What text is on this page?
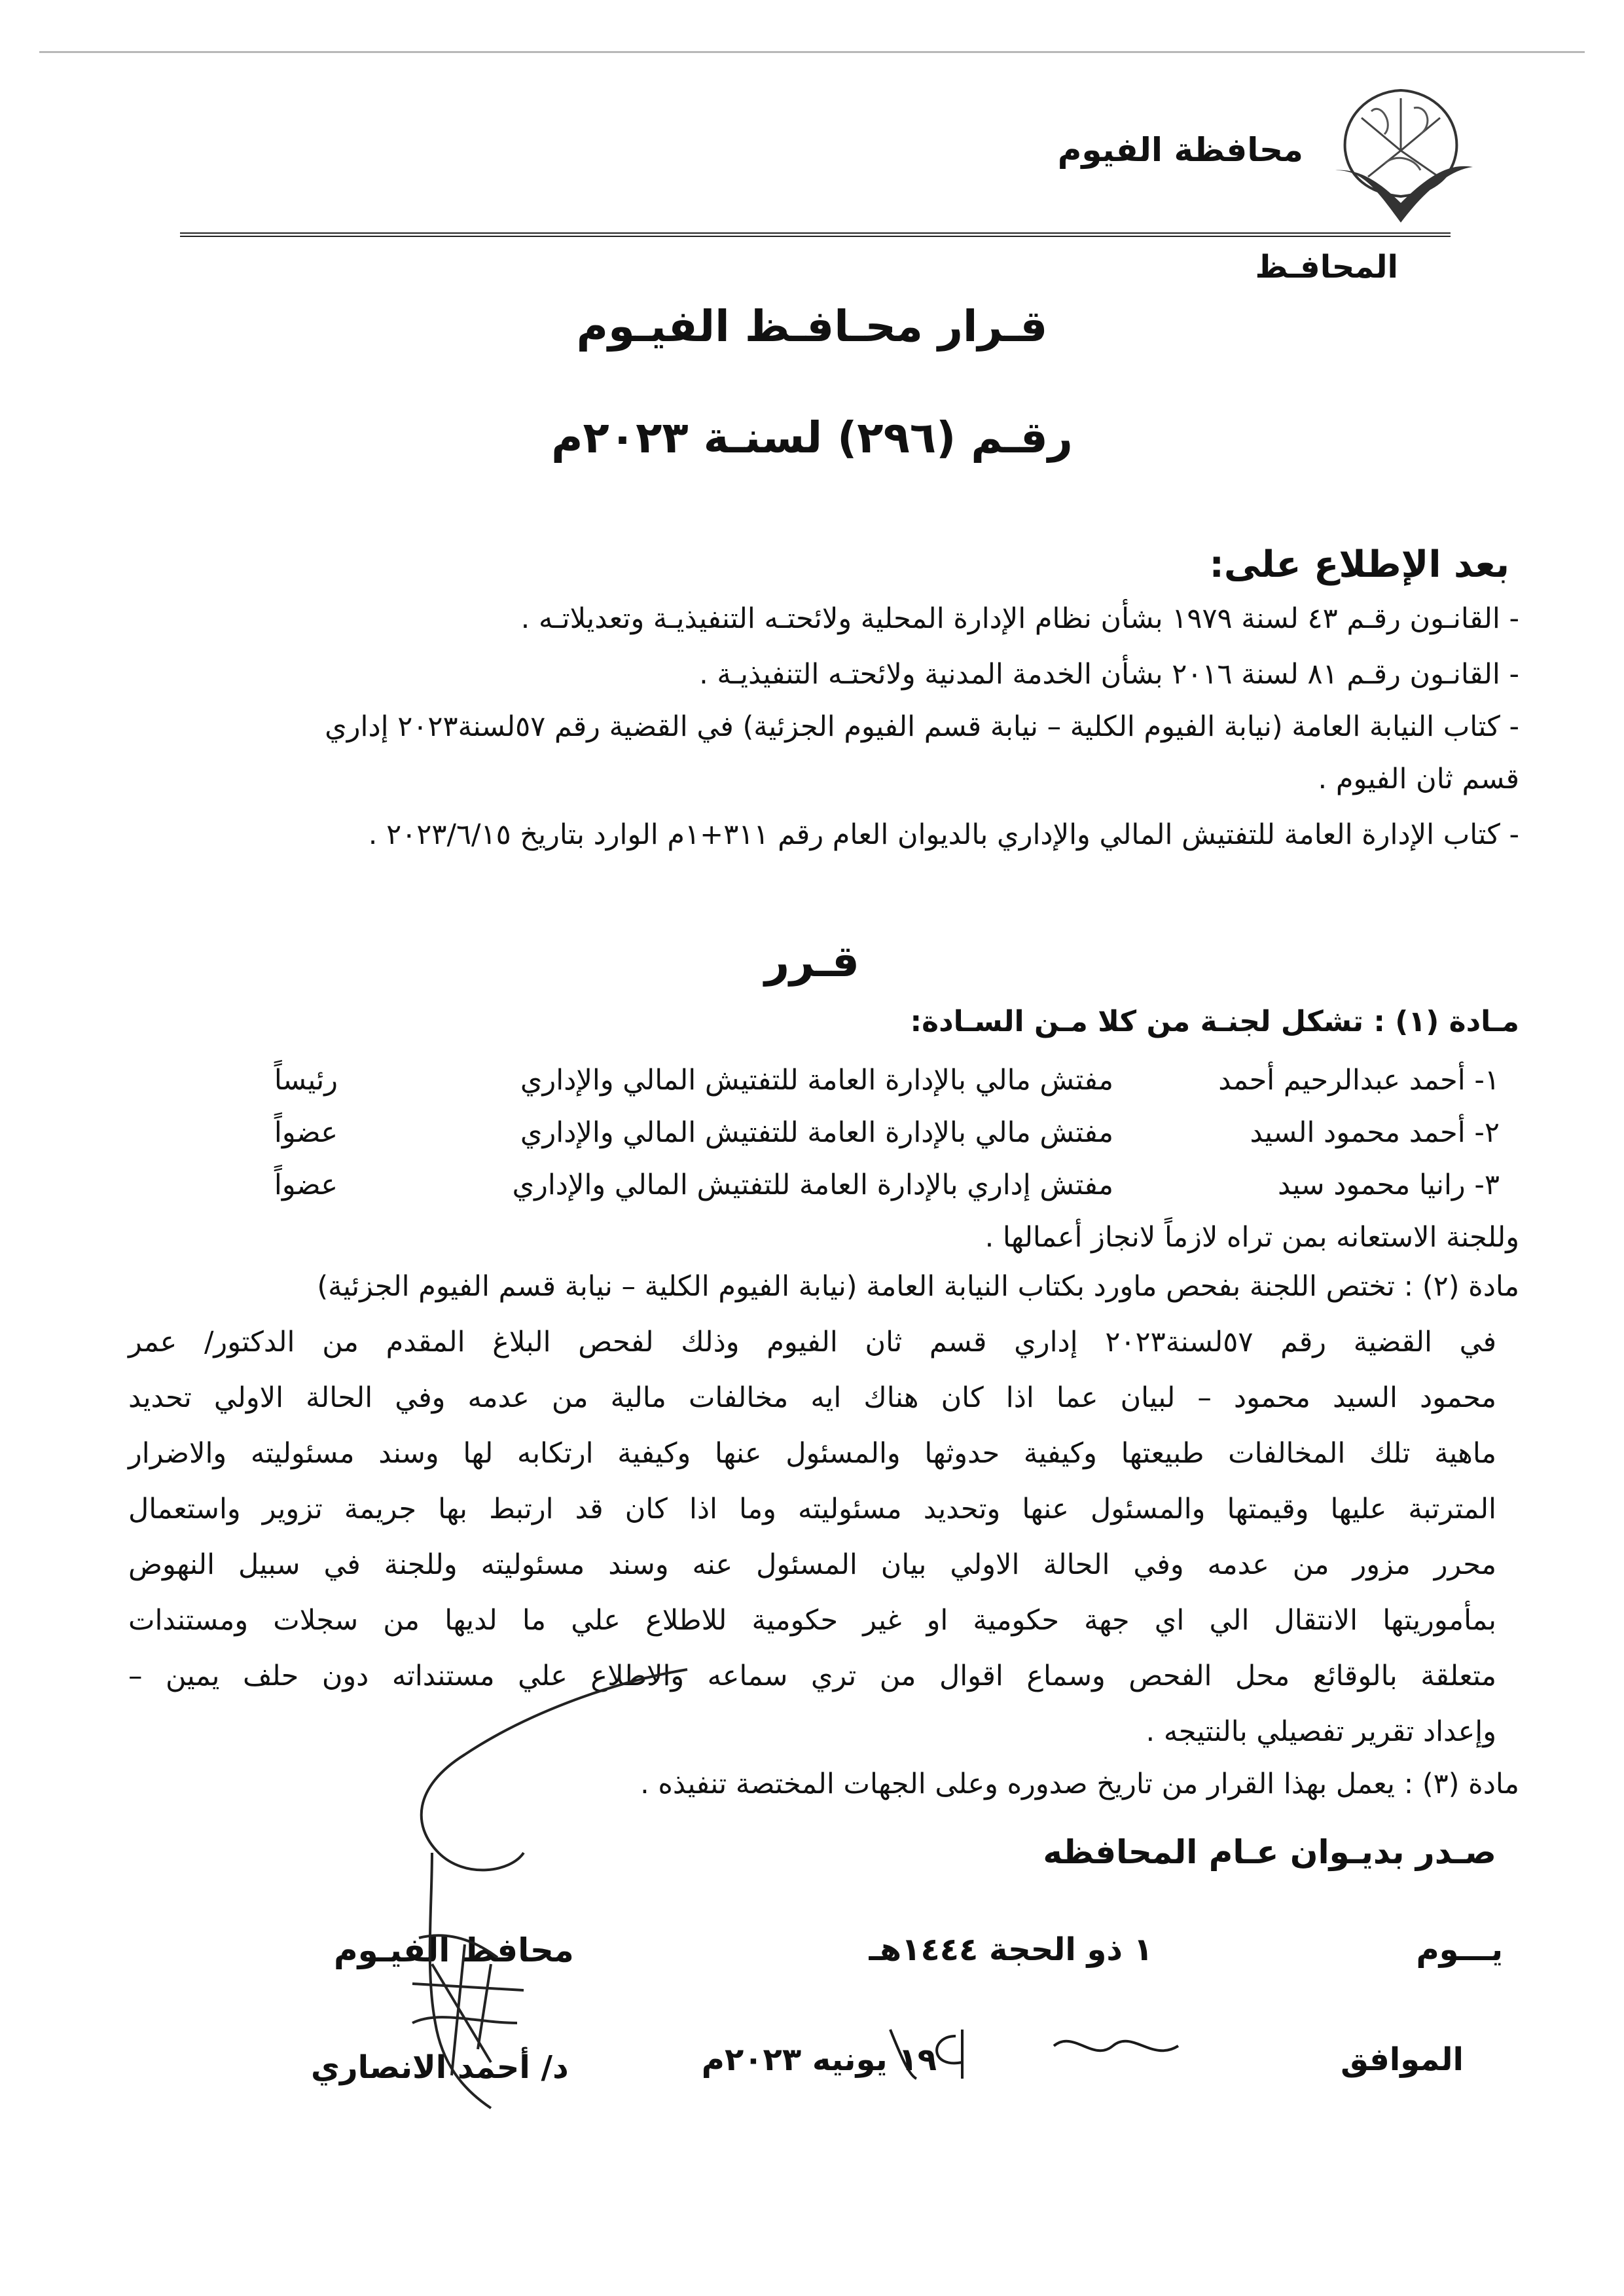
محافظة الفيوم
المحافـظ
قـرار محـافـظ الفيـوم
رقـم (٢٩٦) لسنـة ٢٠٢٣م
بعد الإطلاع على:
- القانـون رقـم ٤٣ لسنة ١٩٧٩ بشأن نظام الإدارة المحلية ولائحتـه التنفيذيـة وتعديلاتـه .
- القانـون رقـم ٨١ لسنة ٢٠١٦ بشأن الخدمة المدنية ولائحتـه التنفيذيـة .
- كتاب النيابة العامة (نيابة الفيوم الكلية – نيابة قسم الفيوم الجزئية) في القضية رقم ٥٧لسنة٢٠٢٣ إداري
قسم ثان الفيوم .
- كتاب الإدارة العامة للتفتيش المالي والإداري بالديوان العام رقم ٣١١+١م الوارد بتاريخ ٢٠٢٣/٦/١٥ .
قـرر
مـادة (١) : تشكل لجنـة من كلا مـن السـادة:
١- أحمد عبدالرحيم أحمد
مفتش مالي بالإدارة العامة للتفتيش المالي والإداري
رئيساً
٢- أحمد محمود السيد
مفتش مالي بالإدارة العامة للتفتيش المالي والإداري
عضواً
٣- رانيا محمود سيد
مفتش إداري بالإدارة العامة للتفتيش المالي والإداري
عضواً
وللجنة الاستعانه بمن تراه لازماً لانجاز أعمالها .
مادة (٢) : تختص اللجنة بفحص ماورد بكتاب النيابة العامة (نيابة الفيوم الكلية – نيابة قسم الفيوم الجزئية)
في القضية رقم ٥٧لسنة٢٠٢٣ إداري قسم ثان الفيوم وذلك لفحص البلاغ المقدم من الدكتور/ عمر
محمود السيد محمود – لبيان عما اذا كان هناك ايه مخالفات مالية من عدمه وفي الحالة الاولي تحديد
ماهية تلك المخالفات طبيعتها وكيفية حدوثها والمسئول عنها وكيفية ارتكابه لها وسند مسئوليته والاضرار
المترتبة عليها وقيمتها والمسئول عنها وتحديد مسئوليته وما اذا كان قد ارتبط بها جريمة تزوير واستعمال
محرر مزور من عدمه وفي الحالة الاولي بيان المسئول عنه وسند مسئوليته وللجنة في سبيل النهوض
بمأموريتها الانتقال الي اي جهة حكومية او غير حكومية للاطلاع علي ما لديها من سجلات ومستندات
متعلقة بالوقائع محل الفحص وسماع اقوال من تري سماعه والاطلاع علي مستنداته دون حلف يمين –
وإعداد تقرير تفصيلي بالنتيجه .
مادة (٣) : يعمل بهذا القرار من تاريخ صدوره وعلى الجهات المختصة تنفيذه .
صـدر بديـوان عـام المحافظه
محافظ الفيـوم
د/ أحمد الانصاري
يـــوم
١ ذو الحجة ١٤٤٤هـ
الموافق
١٩ يونيه ٢٠٢٣م
